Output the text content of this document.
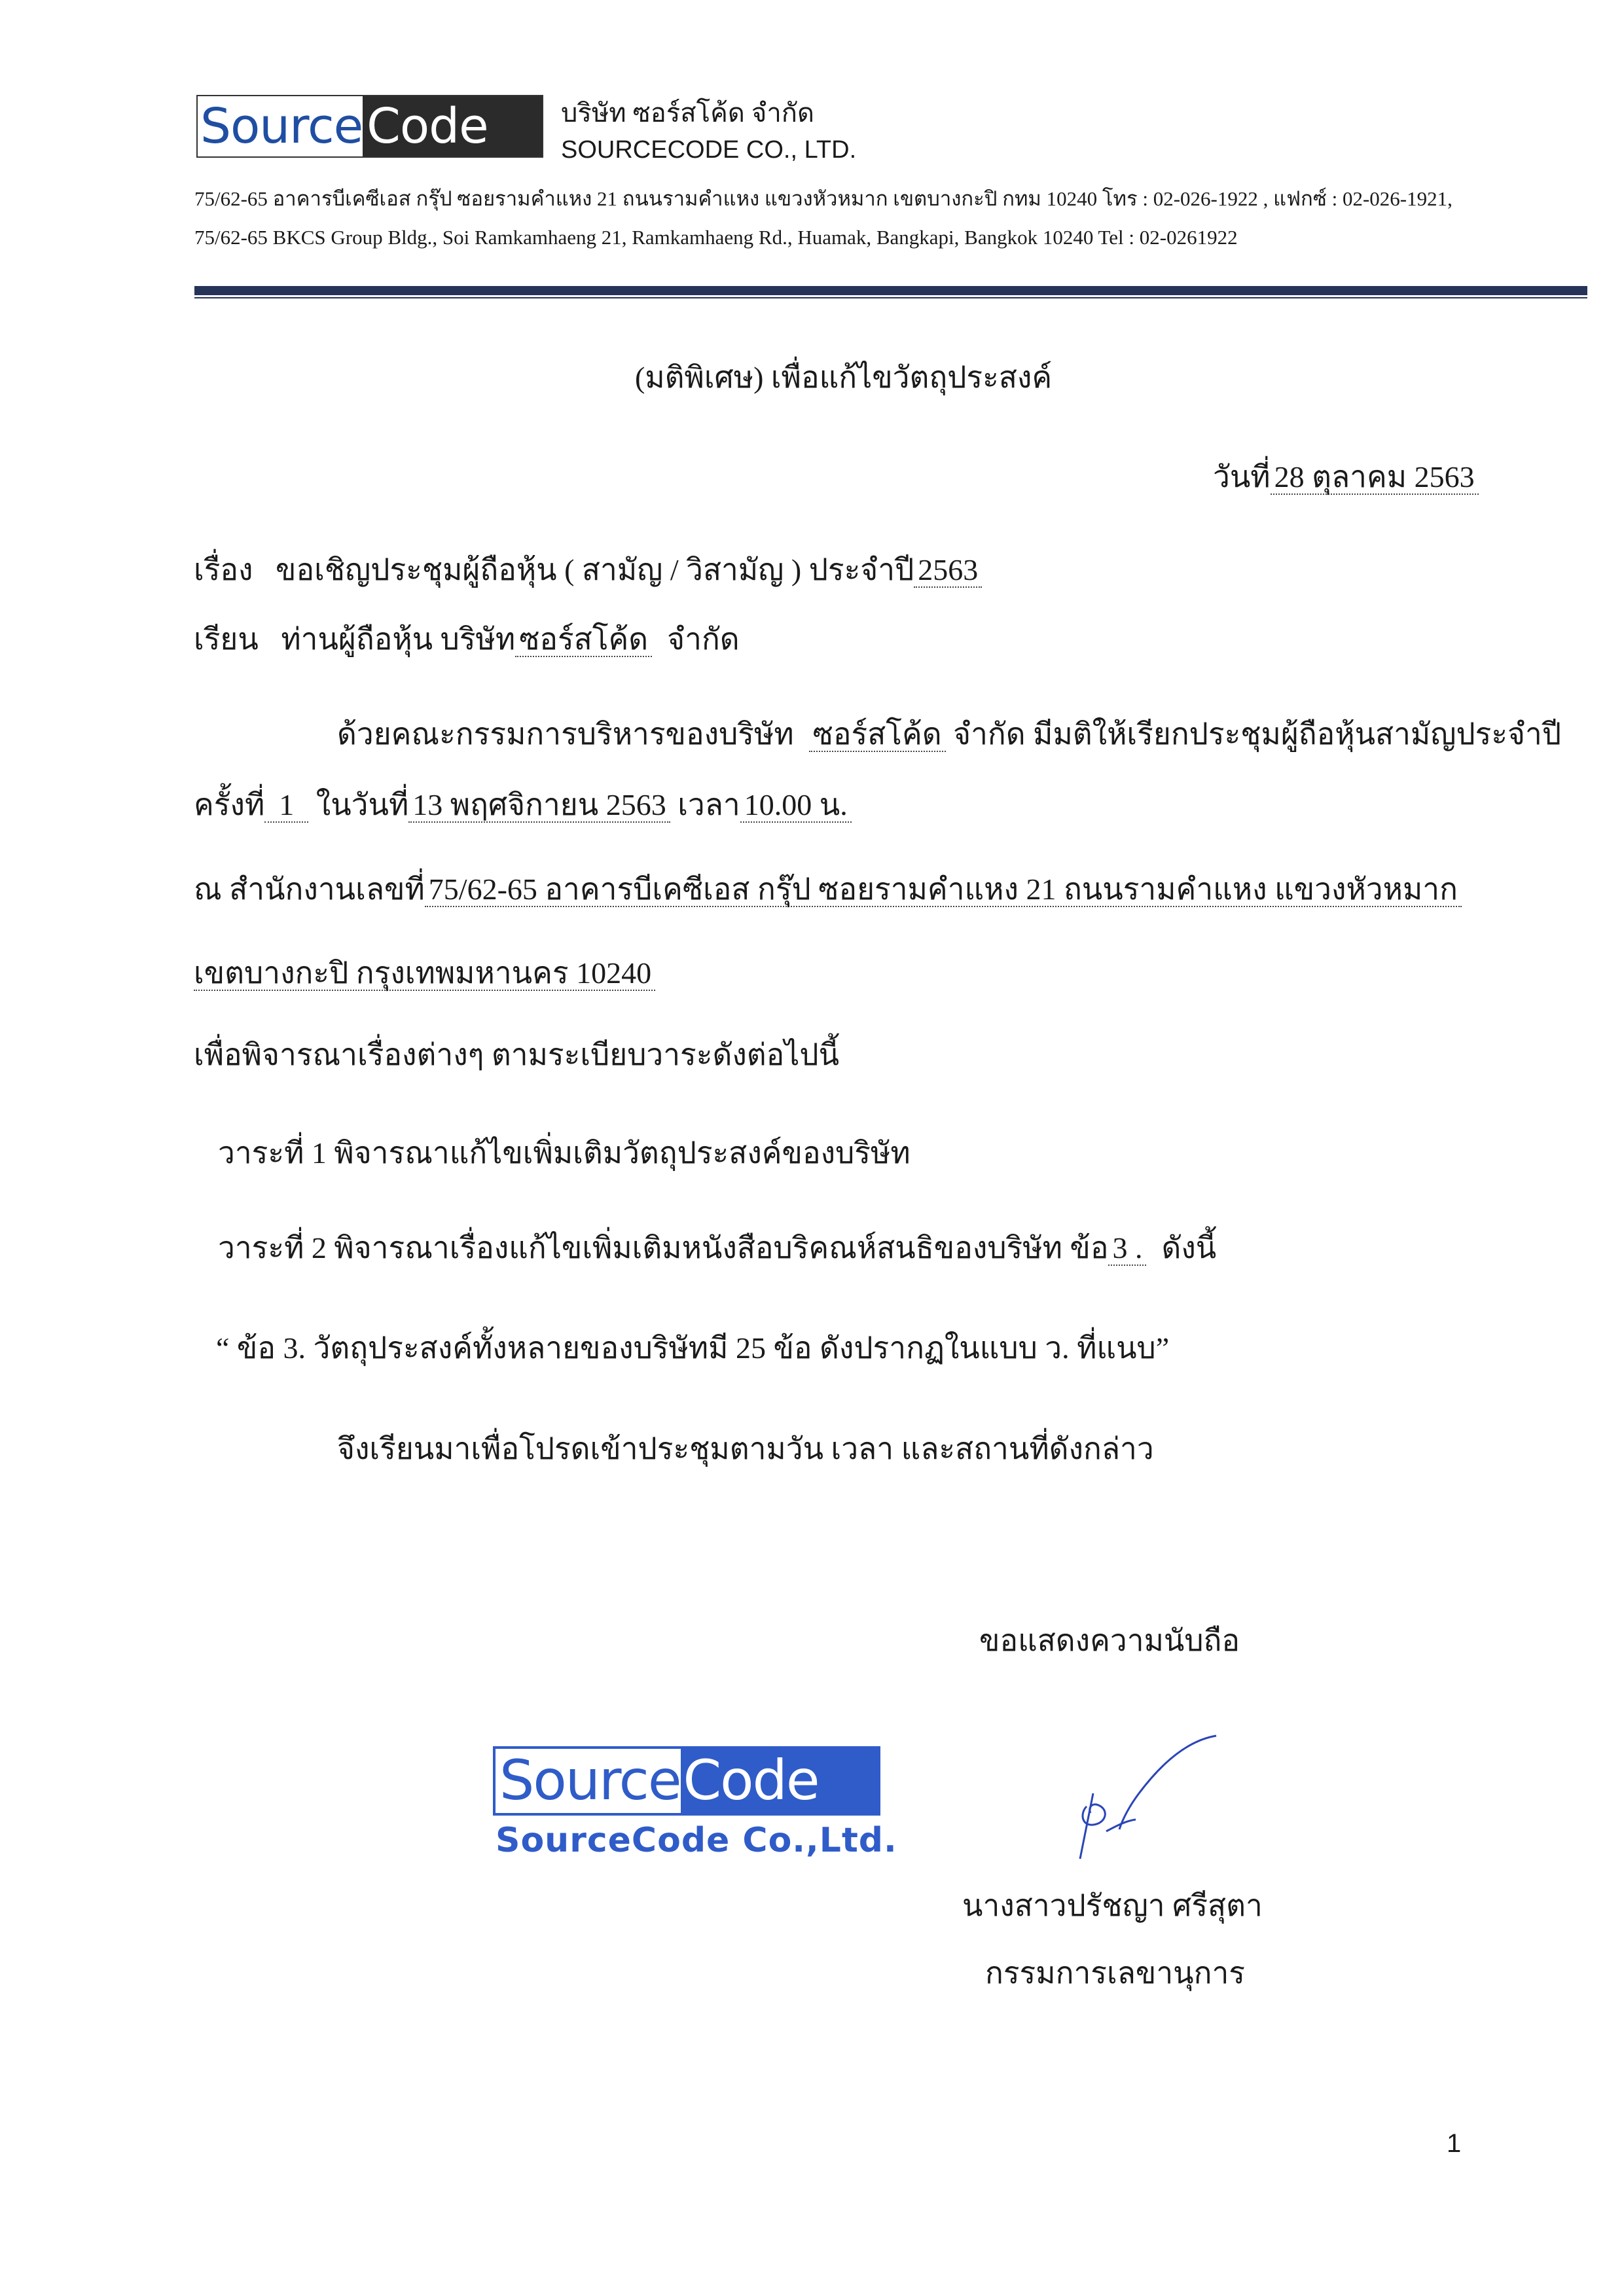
Source Code	บริษัท ซอร์สโค้ด จำกัด
SOURCECODE CO., LTD.
75/62-65 อาคารบีเคซีเอส กรุ๊ป ซอยรามคำแหง 21 ถนนรามคำแหง แขวงหัวหมาก เขตบางกะปิ กทม 10240 โทร : 02-026-1922 , แฟกซ์ : 02-026-1921,
75/62-65 BKCS Group Bldg., Soi Ramkamhaeng 21, Ramkamhaeng Rd., Huamak, Bangkapi, Bangkok 10240 Tel : 02-0261922
(มติพิเศษ) เพื่อแก้ไขวัตถุประสงค์
วันที่ 28 ตุลาคม 2563
เรื่อง ขอเชิญประชุมผู้ถือหุ้น ( สามัญ / วิสามัญ ) ประจำปี 2563
เรียน ท่านผู้ถือหุ้น บริษัท ซอร์สโค้ด จำกัด
ด้วยคณะกรรมการบริหารของบริษัท ซอร์สโค้ด จำกัด มีมติให้เรียกประชุมผู้ถือหุ้นสามัญประจำปี
ครั้งที่ 1 ในวันที่ 13 พฤศจิกายน 2563 เวลา 10.00 น.
ณ สำนักงานเลขที่ 75/62-65 อาคารบีเคซีเอส กรุ๊ป ซอยรามคำแหง 21 ถนนรามคำแหง แขวงหัวหมาก
เขตบางกะปิ กรุงเทพมหานคร 10240
เพื่อพิจารณาเรื่องต่างๆ ตามระเบียบวาระดังต่อไปนี้
วาระที่ 1 พิจารณาแก้ไขเพิ่มเติมวัตถุประสงค์ของบริษัท
วาระที่ 2 พิจารณาเรื่องแก้ไขเพิ่มเติมหนังสือบริคณห์สนธิของบริษัท ข้อ 3 . ดังนี้
“ ข้อ 3. วัตถุประสงค์ทั้งหลายของบริษัทมี 25 ข้อ ดังปรากฏในแบบ ว. ที่แนบ”
จึงเรียนมาเพื่อโปรดเข้าประชุมตามวัน เวลา และสถานที่ดังกล่าว
ขอแสดงความนับถือ
Source Code
SourceCode Co.,Ltd.
นางสาวปรัชญา ศรีสุตา
กรรมการเลขานุการ
1
